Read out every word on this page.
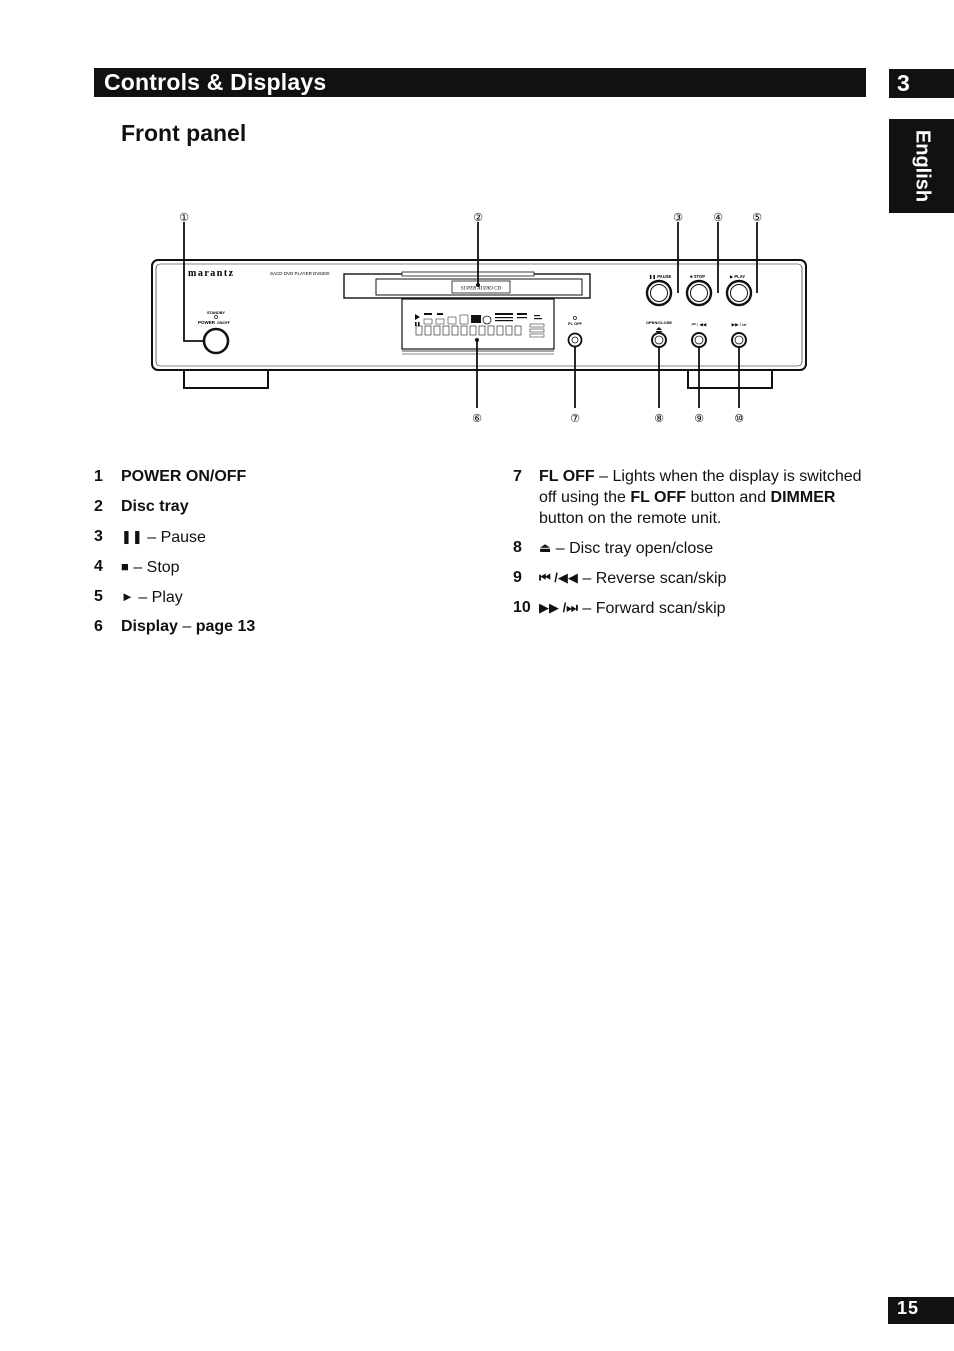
Controls & Displays	3
English
Front panel
marantz	SACD DVD PLAYER DV6300
SUPER AUDIO CD
STANDBY
POWER ON/OFF	FL OFF
❚❚ PAUSE	■ STOP	▶ PLAY
OPEN/CLOSE	⏮ / ◀◀	▶▶ / ⏭
①	②	③	④	⑤
⑥	⑦	⑧	⑨	⑩
1 POWER ON/OFF
2 Disc tray
3 ❚❚ – Pause
4 ■ – Stop
5 ► – Play
6 Display – page 13
7 FL OFF – Lights when the display is switched off using the FL OFF button and DIMMER button on the remote unit.
8 ⏏ – Disc tray open/close
9 ⏮ /◀◀ – Reverse scan/skip
10 ▶▶ /⏭ – Forward scan/skip
15
